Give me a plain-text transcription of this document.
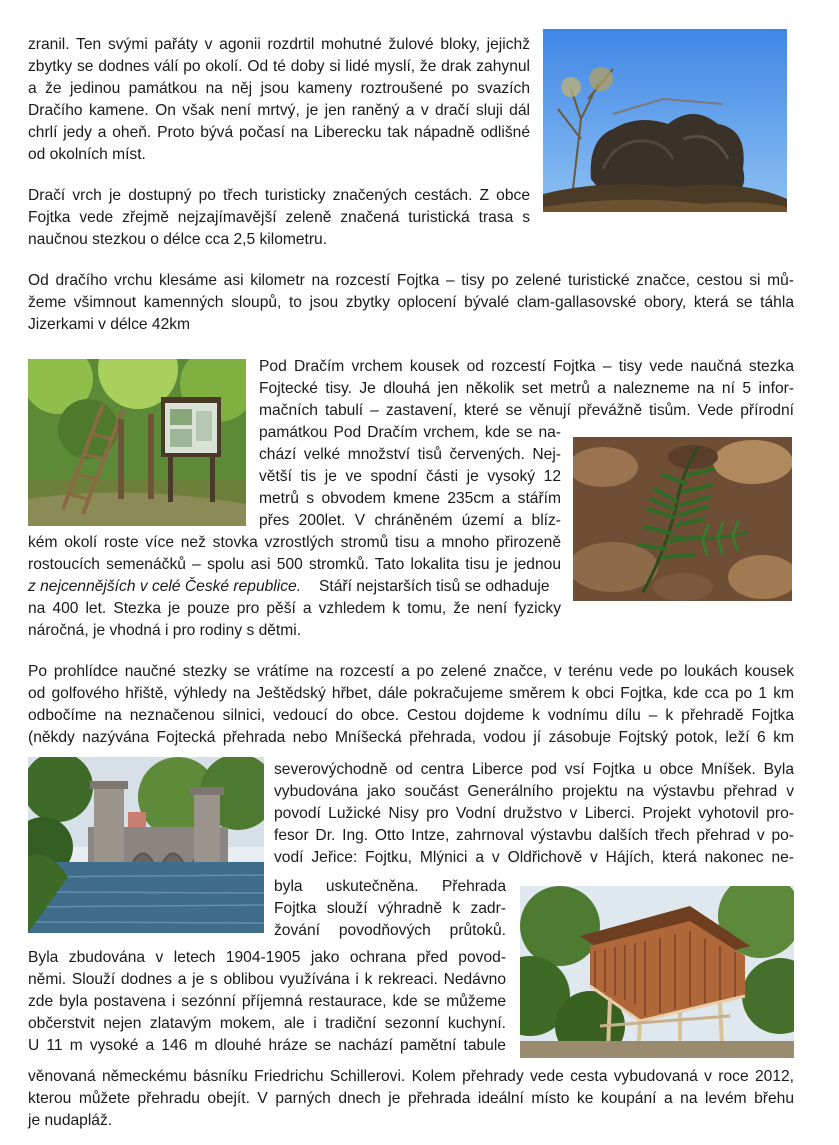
zranil. Ten svými pařáty v agonii rozdrtil mohutné žulové bloky, jejichž
zbytky se dodnes válí po okolí. Od té doby si lidé myslí, že drak zahynul
a že jedinou památkou na něj jsou kameny roztroušené po svazích
Dračího kamene. On však není mrtvý, je jen raněný a v dračí sluji dál
chrlí jedy a oheň. Proto bývá počasí na Liberecku tak nápadně odlišné
od okolních míst.
Dračí vrch je dostupný po třech turisticky značených cestách. Z obce
Fojtka vede zřejmě nejzajímavější zeleně značená turistická trasa s
naučnou stezkou o délce cca 2,5 kilometru.
Od dračího vrchu klesáme asi kilometr na rozcestí Fojtka – tisy po zelené turistické značce, cestou si mů-
žeme všimnout kamenných sloupů, to jsou zbytky oplocení bývalé clam-gallasovské obory, která se táhla
Jizerkami v délce 42km
Pod Dračím vrchem kousek od rozcestí Fojtka – tisy vede naučná stezka
Fojtecké tisy. Je dlouhá jen několik set metrů a nalezneme na ní 5 infor-
mačních tabulí – zastavení, které se věnují převážně tisům. Vede přírodní
památkou Pod Dračím vrchem, kde se na-
chází velké množství tisů červených. Nej-
větší tis je ve spodní části je vysoký 12
metrů s obvodem kmene 235cm a stářím
přes 200let. V chráněném území a blíz-
kém okolí roste více než stovka vzrostlých stromů tisu a mnoho přirozeně
rostoucích semenáčků – spolu asi 500 stromků. Tato lokalita tisu je jednou
z nejcennějších v celé České republice. Stáří nejstarších tisů se odhaduje
na 400 let. Stezka je pouze pro pěší a vzhledem k tomu, že není fyzicky
náročná, je vhodná i pro rodiny s dětmi.
Po prohlídce naučné stezky se vrátíme na rozcestí a po zelené značce, v terénu vede po loukách kousek
od golfového hřiště, výhledy na Ještědský hřbet, dále pokračujeme směrem k obci Fojtka, kde cca po 1 km
odbočíme na neznačenou silnici, vedoucí do obce. Cestou dojdeme k vodnímu dílu – k přehradě Fojtka
(někdy nazývána Fojtecká přehrada nebo Mníšecká přehrada, vodou jí zásobuje Fojtský potok, leží 6 km
severovýchodně od centra Liberce pod vsí Fojtka u obce Mníšek. Byla
vybudována jako součást Generálního projektu na výstavbu přehrad v
povodí Lužické Nisy pro Vodní družstvo v Liberci. Projekt vyhotovil pro-
fesor Dr. Ing. Otto Intze, zahrnoval výstavbu dalších třech přehrad v po-
vodí Jeřice: Fojtku, Mlýnici a v Oldřichově v Hájích, která nakonec ne-
byla uskutečněna. Přehrada
Fojtka slouží výhradně k zadr-
žování povodňových průtoků.
Byla zbudována v letech 1904-1905 jako ochrana před povod-
němi. Slouží dodnes a je s oblibou využívána i k rekreaci. Nedávno
zde byla postavena i sezónní příjemná restaurace, kde se můžeme
občerstvit nejen zlatavým mokem, ale i tradiční sezonní kuchyní.
U 11 m vysoké a 146 m dlouhé hráze se nachází pamětní tabule
věnovaná německému básníku Friedrichu Schillerovi. Kolem přehrady vede cesta vybudovaná v roce 2012,
kterou můžete přehradu obejít. V parných dnech je přehrada ideální místo ke koupání a na levém břehu
je nudapláž.
